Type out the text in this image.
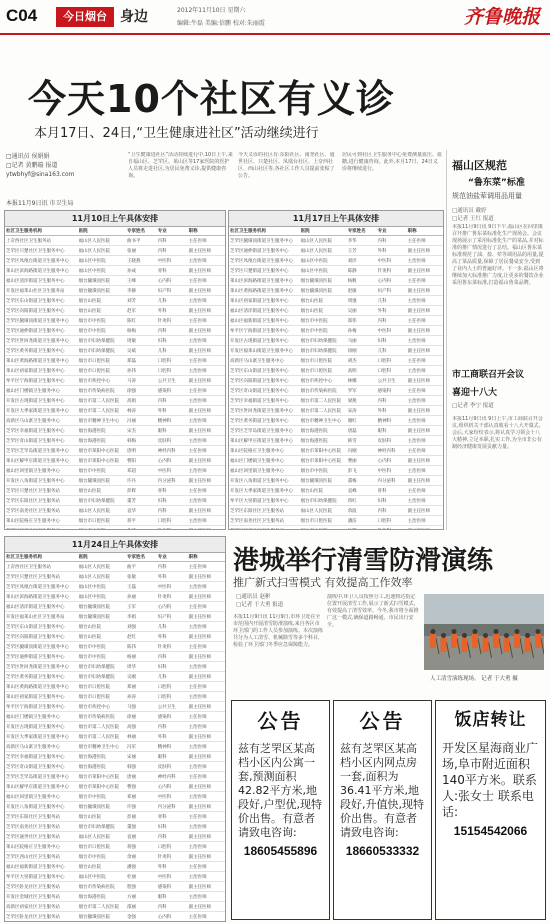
C04	今日烟台 身边	2012年11月10日 星期六
编辑:牛磊 美编:信鹏 校对:朱丽霞	齐鲁晚报
今天10个社区有义诊
本月17日、24日,“卫生健康进社区”活动继续进行
□通讯员 侯娟娟
□记者 黄鹏璇 报道
ytwbhyf@sina163.com
本报11月9日讯 市卫生局
“卫生健康进社区”活动持续进行中,10日上午,来自福山区、芝罘区、莱山区等17家医院的医护人员将走进社区,为居民免费义诊,提供健康咨询。
今天义诊的社区有:东阳社区、南尧社区、通世社区、只楚社区、凤凰台社区、上夼西社区、西山社区等,各社区工作人员提前张贴了公告。
居民可到社区卫生服务中心免费测量血压、血糖,进行健康咨询。此外,本月17日、24日义诊将继续进行。
11月10日上午具体安排
社区卫生服务机构	医院	专家姓名	专业	职称
上夼西社区卫生服务站	福山区人民医院	曲书平	内科	主任医师
芝罘区只楚社区卫生服务中心	福山区人民医院	张丽	内科	副主任医师
芝罘区凤凰台街道卫生服务中心	福山区中医院	王晓燕	中医科	主治医师
莱山区滨海路街道卫生服务中心	福山区中医院	孙成	骨科	副主任医师
福山区清洋街道卫生服务中心	烟台毓璜顶医院	王峰	心内科	主任医师
开发区福莱山社区卫生服务站	烟台毓璜顶医院	李静	妇产科	副主任医师
芝罘区东山街道卫生服务中心	烟台山医院	刘芳	儿科	主治医师
芝罘区向阳街道卫生服务中心	烟台山医院	赵军	外科	副主任医师
芝罘区毓璜顶街道卫生服务中心	烟台市中医院	陈红	针灸科	主任医师
芝罘区通伸街道卫生服务中心	烟台市中医院	杨梅	内科	副主任医师
芝罘区世回尧街道卫生服务中心	烟台市妇幼保健院	周敏	妇科	主治医师
芝罘区黄务街道卫生服务中心	烟台市妇幼保健院	吴斌	儿科	副主任医师
莱山区黄海路街道卫生服务中心	烟台市口腔医院	郑磊	口腔科	主任医师
莱山区初家街道卫生服务中心	烟台市口腔医院	孙伟	口腔科	主治医师
牟平区宁海街道卫生服务中心	烟台市疾控中心	马涛	公共卫生	副主任医师
福山区门楼镇卫生服务中心	烟台市传染病医院	徐强	感染科	主任医师
开发区古现街道卫生服务中心	烟台市第二人民医院	高娟	内科	主治医师
开发区大季家街道卫生服务中心	烟台市第二人民医院	林涛	外科	副主任医师
高新区马山寨卫生服务中心	烟台市精神卫生中心	冯丽	精神科	主治医师
芝罘区幸福街道卫生服务中心	烟台海港医院	宋杰	眼科	副主任医师
芝罘区奇山街道卫生服务中心	烟台海港医院	韩梅	皮肤科	主治医师
芝罘区芝罘岛街道卫生服务中心	烟台市莱阳中心医院	唐明	神经内科	主任医师
莱山区解甲庄街道卫生服务中心	烟台市莱阳中心医院	曹阳	心内科	副主任医师
福山区回里镇卫生服务中心	烟台市中医院	邓超	中医科	主治医师
开发区八角街道卫生服务中心	烟台毓璜顶医院	许丹	内分泌科	副主任医师
芝罘区只楚社区卫生服务站	烟台山医院	彭辉	骨科	主任医师
芝罘区东阳社区卫生服务站	烟台市妇幼保健院	董芳	妇科	主治医师
芝罘区南尧社区卫生服务站	福山区人民医院	袁华	内科	副主任医师
莱山区院格庄卫生服务中心	烟台市口腔医院	蒋平	口腔科	主治医师

11月17日上午具体安排
社区卫生服务机构	医院	专家姓名	专业	职称
芝罘区毓璜顶街道卫生服务中心	福山区人民医院	李华	内科	主任医师
芝罘区通伸街道卫生服务中心	福山区人民医院	王芳	外科	副主任医师
芝罘区凤凰台街道卫生服务中心	福山区中医院	刘洋	中医科	主治医师
芝罘区只楚街道卫生服务中心	福山区中医院	陈静	针灸科	副主任医师
莱山区滨海路街道卫生服务中心	烟台毓璜顶医院	杨帆	心内科	主任医师
莱山区黄海路街道卫生服务中心	烟台毓璜顶医院	赵敏	妇产科	副主任医师
莱山区初家街道卫生服务中心	烟台山医院	周强	儿科	主治医师
福山区清洋街道卫生服务中心	烟台山医院	吴丽	外科	副主任医师
福山区福新街道卫生服务中心	烟台市中医院	郑伟	内科	主任医师
牟平区宁海街道卫生服务中心	烟台市中医院	孙梅	中医科	副主任医师
开发区古现街道卫生服务中心	烟台市妇幼保健院	马丽	妇科	主治医师
开发区福莱山街道卫生服务中心	烟台市妇幼保健院	徐刚	儿科	副主任医师
高新区马山寨卫生服务中心	烟台市口腔医院	胡杰	口腔科	主任医师
芝罘区东山街道卫生服务中心	烟台市口腔医院	高明	口腔科	主治医师
芝罘区向阳街道卫生服务中心	烟台市疾控中心	林娜	公共卫生	副主任医师
芝罘区奇山街道卫生服务中心	烟台市传染病医院	罗军	感染科	主任医师
芝罘区幸福街道卫生服务中心	烟台市第二人民医院	梁燕	内科	主治医师
芝罘区世回尧街道卫生服务中心	烟台市第二人民医院	宋涛	外科	副主任医师
芝罘区黄务街道卫生服务中心	烟台市精神卫生中心	谢红	精神科	主治医师
芝罘区芝罘岛街道卫生服务中心	烟台海港医院	唐磊	眼科	副主任医师
莱山区解甲庄街道卫生服务中心	烟台海港医院	韩雪	皮肤科	主治医师
莱山区院格庄卫生服务中心	烟台市莱阳中心医院	冯刚	神经内科	主任医师
福山区门楼镇卫生服务中心	烟台市莱阳中心医院	曹丽	心内科	副主任医师
福山区回里镇卫生服务中心	烟台市中医院	彭飞	中医科	主治医师
开发区八角街道卫生服务中心	烟台毓璜顶医院	董梅	内分泌科	副主任医师
开发区大季家街道卫生服务中心	烟台山医院	袁峰	骨科	主任医师
牟平区大窑街道卫生服务中心	烟台市妇幼保健院	蒋红	妇科	主治医师
芝罘区东阳社区卫生服务站	福山区人民医院	余波	内科	副主任医师
芝罘区南尧社区卫生服务站	烟台市口腔医院	潘洁	口腔科	主治医师

福山区规范
“鲁东菜”标准
规范油盐荤调用品用量
□通讯员 戴婷
□记者 王红 报道
本报11月9日讯 9日下午,福山区在回里镇召开推广鲁东菜标准化生产现场会。会议现场展示了采用标准化生产的菜品,并对标准的推广情况进行了总结。福山区鲁东菜标准规范了油、盐、荤等调用品的用量,提高了菜品质量,保障了居民餐桌安全,受到了业内人士的普遍好评。下一步,福山区将继续加大标准推广力度,让更多的餐饮企业采用鲁东菜标准,打造福山鲁菜品牌。
市工商联召开会议
喜迎十八大
□记者 李宁 报道
本报11月9日讯 9日上午,市工商联召开会议,组织机关干部认真收看十八大开幕式。会后,大家纷纷表示,将认真学习领会十八大精神,立足本职,扎实工作,为全市非公有制经济健康发展贡献力量。
11月24日上午具体安排
社区卫生服务机构	医院	专家姓名	专业	职称
上夼西社区卫生服务站	福山区人民医院	曲平	内科	主任医师
芝罘区只楚社区卫生服务站	福山区人民医院	张敏	外科	副主任医师
芝罘区凤凰台街道卫生服务中心	福山区中医院	王磊	中医科	主治医师
莱山区滨海路街道卫生服务中心	福山区中医院	孙丽	针灸科	副主任医师
福山区清洋街道卫生服务中心	烟台毓璜顶医院	王军	心内科	主任医师
开发区福莱山社区卫生服务站	烟台毓璜顶医院	李娟	妇产科	副主任医师
芝罘区东山街道卫生服务中心	烟台山医院	刘强	儿科	主治医师
芝罘区向阳街道卫生服务中心	烟台山医院	赵红	外科	副主任医师
芝罘区毓璜顶街道卫生服务中心	烟台市中医院	陈伟	针灸科	主任医师
芝罘区通伸街道卫生服务中心	烟台市中医院	杨丽	内科	副主任医师
芝罘区世回尧街道卫生服务中心	烟台市妇幼保健院	周华	妇科	主治医师
芝罘区黄务街道卫生服务中心	烟台市妇幼保健院	吴刚	儿科	副主任医师
莱山区黄海路街道卫生服务中心	烟台市口腔医院	郑丽	口腔科	主任医师
莱山区初家街道卫生服务中心	烟台市口腔医院	孙涛	口腔科	主治医师
牟平区宁海街道卫生服务中心	烟台市疾控中心	马强	公共卫生	副主任医师
福山区门楼镇卫生服务中心	烟台市传染病医院	徐丽	感染科	主任医师
开发区古现街道卫生服务中心	烟台市第二人民医院	高强	内科	主治医师
开发区大季家街道卫生服务中心	烟台市第二人民医院	林丽	外科	副主任医师
高新区马山寨卫生服务中心	烟台市精神卫生中心	冯军	精神科	主治医师
芝罘区幸福街道卫生服务中心	烟台海港医院	宋丽	眼科	副主任医师
芝罘区奇山街道卫生服务中心	烟台海港医院	韩强	皮肤科	主治医师
芝罘区芝罘岛街道卫生服务中心	烟台市莱阳中心医院	唐丽	神经内科	主任医师
莱山区解甲庄街道卫生服务中心	烟台市莱阳中心医院	曹强	心内科	副主任医师
福山区回里镇卫生服务中心	烟台市中医院	邓丽	中医科	主治医师
开发区八角街道卫生服务中心	烟台毓璜顶医院	许强	内分泌科	副主任医师
芝罘区东阳社区卫生服务站	烟台山医院	彭丽	骨科	主任医师
芝罘区南尧社区卫生服务站	烟台市妇幼保健院	董强	妇科	主治医师
芝罘区通世社区卫生服务站	福山区人民医院	袁丽	内科	副主任医师
莱山区院格庄卫生服务中心	烟台市口腔医院	蒋强	口腔科	主治医师
芝罘区西山社区卫生服务站	烟台市中医院	余丽	针灸科	副主任医师
福山区福新街道卫生服务中心	烟台山医院	潘强	外科	主任医师
牟平区大窑街道卫生服务中心	福山区中医院	杜丽	中医科	主治医师
芝罘区卧龙社区卫生服务站	烟台市传染病医院	程强	感染科	副主任医师
开发区金城社区卫生服务站	烟台海港医院	方丽	眼科	主治医师
高新区初家社区卫生服务站	烟台市第二人民医院	邵丽	内科	副主任医师
芝罘区卧龙社区卫生服务站	烟台毓璜顶医院	金强	心内科	主任医师

港城举行清雪防滑演练
推广新式扫雪模式 有效提高工作效率
□通讯员 赵彬
□记者 于大勇 报道
本报11月9日讯 11月9日,市环卫处在全市范围内开展清雪防滑演练,来自各区市环卫部门的工作人员参加演练。本次演练共分为人工清雪、机械除雪等多个科目,检验了环卫部门冬季应急保障能力。
演练中,环卫人员按照分工,迅速到达指定位置开展清雪工作,展示了新式扫雪模式,有效提高了清雪效率。今冬,我市将全面推广这一模式,确保道路畅通、市民出行安全。
人工清雪演练现场。 记者 于大勇 摄
公告
兹有芝罘区某高档小区内公寓一套,预测面积42.82平方米,地段好,户型优,现特价出售。有意者请致电咨询:
18605455896
公告
兹有芝罘区某高档小区内网点房一套,面积为36.41平方米,地段好,升值快,现特价出售。有意者请致电咨询:
18660533332
饭店转让
开发区星海商业广场,阜市附近面积140平方米。联系人:张女士 联系电话:
15154542066
